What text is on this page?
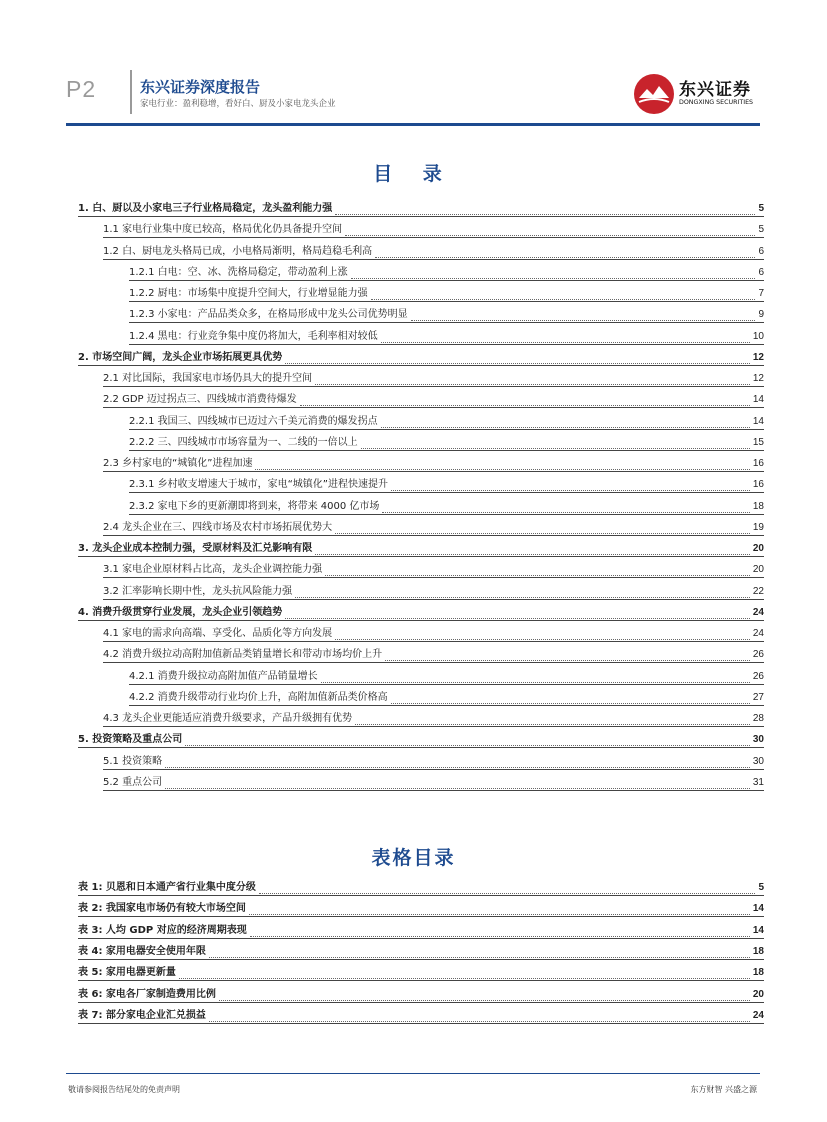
P2	东兴证券深度报告
家电行业：盈利稳增，看好白、厨及小家电龙头企业
东兴证券
DONGXING SECURITIES
目 录
1. 白、厨以及小家电三子行业格局稳定，龙头盈利能力强	5
1.1 家电行业集中度已较高，格局优化仍具备提升空间	5
1.2 白、厨电龙头格局已成，小电格局渐明，格局趋稳毛利高	6
1.2.1 白电：空、冰、洗格局稳定，带动盈利上涨	6
1.2.2 厨电：市场集中度提升空间大，行业增显能力强	7
1.2.3 小家电：产品品类众多，在格局形成中龙头公司优势明显	9
1.2.4 黑电：行业竞争集中度仍将加大，毛利率相对较低	10
2. 市场空间广阔，龙头企业市场拓展更具优势	12
2.1 对比国际，我国家电市场仍具大的提升空间	12
2.2 GDP 迈过拐点三、四线城市消费待爆发	14
2.2.1 我国三、四线城市已迈过六千美元消费的爆发拐点	14
2.2.2 三、四线城市市场容量为一、二线的一倍以上	15
2.3 乡村家电的“城镇化”进程加速	16
2.3.1 乡村收支增速大于城市，家电“城镇化”进程快速提升	16
2.3.2 家电下乡的更新潮即将到来，将带来 4000 亿市场	18
2.4 龙头企业在三、四线市场及农村市场拓展优势大	19
3. 龙头企业成本控制力强，受原材料及汇兑影响有限	20
3.1 家电企业原材料占比高，龙头企业调控能力强	20
3.2 汇率影响长期中性，龙头抗风险能力强	22
4. 消费升级贯穿行业发展，龙头企业引领趋势	24
4.1 家电的需求向高端、享受化、品质化等方向发展	24
4.2 消费升级拉动高附加值新品类销量增长和带动市场均价上升	26
4.2.1 消费升级拉动高附加值产品销量增长	26
4.2.2 消费升级带动行业均价上升，高附加值新品类价格高	27
4.3 龙头企业更能适应消费升级要求，产品升级拥有优势	28
5. 投资策略及重点公司	30
5.1 投资策略	30
5.2 重点公司	31
表格目录
表 1: 贝恩和日本通产省行业集中度分级	5
表 2: 我国家电市场仍有较大市场空间	14
表 3: 人均 GDP 对应的经济周期表现	14
表 4: 家用电器安全使用年限	18
表 5: 家用电器更新量	18
表 6: 家电各厂家制造费用比例	20
表 7: 部分家电企业汇兑损益	24
敬请参阅报告结尾处的免责声明	东方财智 兴盛之源
